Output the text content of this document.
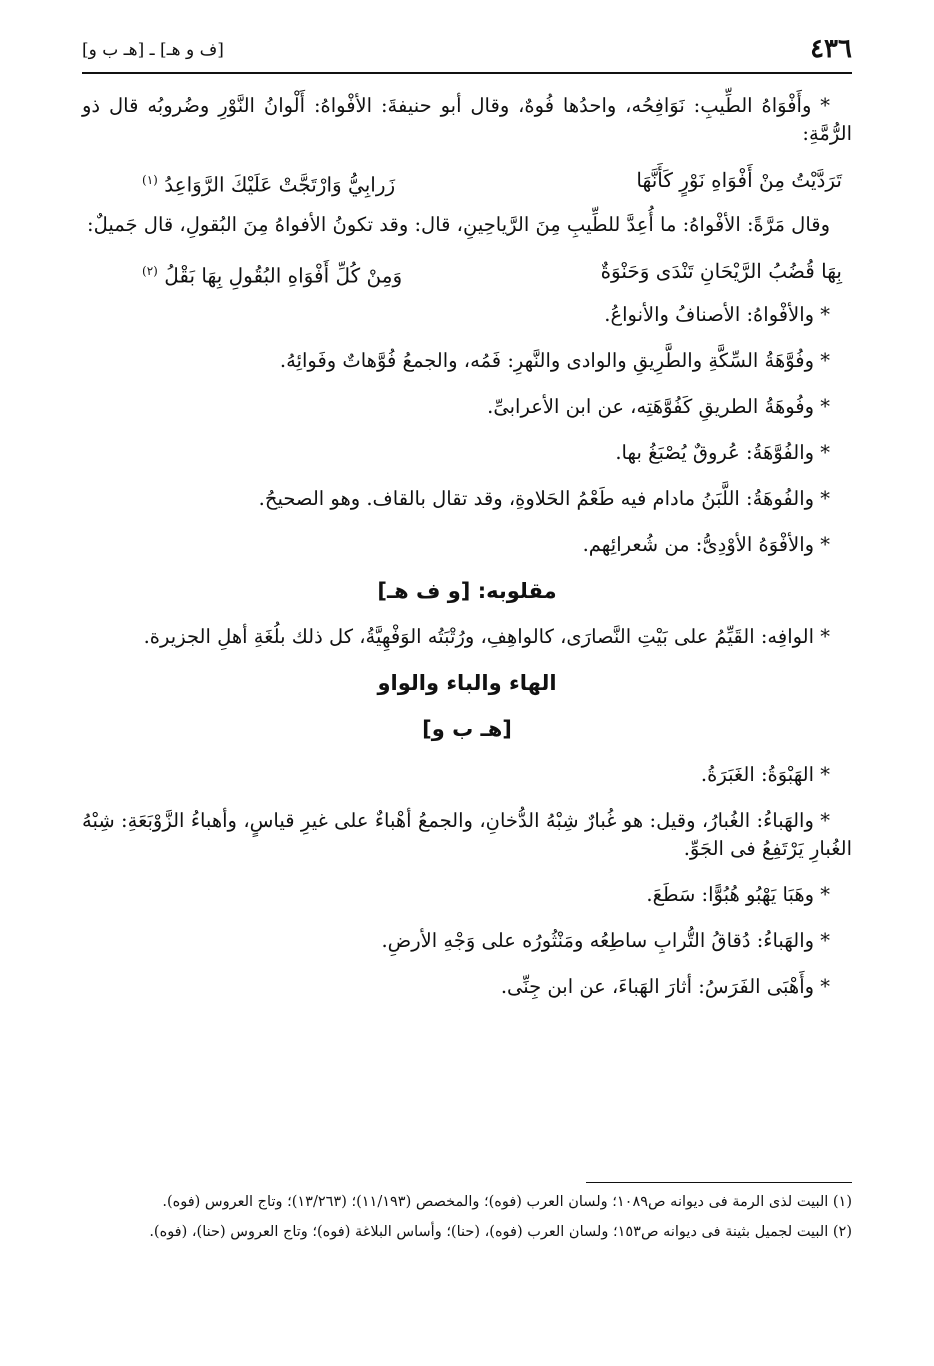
٤٣٦
[ف و هـ] ـ [هـ ب و]

* وأَفْوَاهُ الطِّيبِ: نَوَافِحُه، واحدُها فُوهٌ، وقال أبو حنيفةَ: الأفْواهُ: أَلْوانُ النَّوْرِ وضُروبُه قال ذو الرُّمَّةِ:

تَرَدَّيْتُ مِنْ أَفْوَاهِ نَوْرٍ كَأَنَّهَا
زَرابِيُّ وَارْتَجَّتْ عَلَيْكَ الرَّوَاعِدُ $^{(١)}$

وقال مَرَّةً: الأفْواهُ: ما أُعِدَّ للطِّيبِ مِنَ الرَّياحِينِ، قال: وقد تكونُ الأفواهُ مِنَ البُقولِ، قال جَميلٌ:

بِهَا قُضُبُ الرَّيْحَانِ تَنْدَى وَحَنْوَةٌ
وَمِنْ كُلِّ أَفْوَاهِ البُقُولِ بِهَا بَقْلُ $^{(٢)}$

* والأفْواهُ: الأصنافُ والأنواعُ.

* وفُوَّهَةُ السِّكَّةِ والطَّرِيقِ والوادى والنَّهرِ: فَمُه، والجمعُ فُوَّهاتٌ وفَوائِهُ.

* وفُوهَةُ الطريقِ كَفُوَّهَتِه، عن ابن الأعرابىِّ.

* والفُوَّهَةُ: عُروقٌ يُصْبَغُ بها.

* والفُوهَةُ: اللَّبَنُ مادام فيه طَعْمُ الحَلاوةِ، وقد تقال بالقاف. وهو الصحيحُ.

* والأفْوَهُ الأوْدِىُّ: من شُعرائِهم.

مقلوبه: [و ف هـ]

* الوافِه: القَيِّمُ على بَيْتِ النَّصارَى، كالواهِفِ، ورُتْبَتُه الوَفْهِيَّةُ، كل ذلك بلُغَةِ أهلِ الجزيرة.

الهاء والباء والواو
[هـ ب و]

* الهَبْوَةُ: الغَبَرَةُ.

* والهَباءُ: الغُبارُ، وقيل: هو غُبارٌ شِبْهُ الدُّخانِ، والجمعُ أهْباءٌ على غيرِ قياسٍ، وأهباءُ الزَّوْبَعَةِ: شِبْهُ الغُبارِ يَرْتَفِعُ فى الجَوِّ.

* وهَبَا يَهْبُو هُبُوًّا: سَطَعَ.

* والهَباءُ: دُقاقُ التُّرابِ ساطِعُه ومَنْثُورُه على وَجْهِ الأرضِ.

* وأَهْبَى الفَرَسُ: أثارَ الهَباءَ، عن ابن جِنِّى.

(١) البيت لذى الرمة فى ديوانه ص١٠٨٩؛ ولسان العرب (فوه)؛ والمخصص (١١/١٩٣)؛ (١٣/٢٦٣)؛ وتاج العروس (فوه).

(٢) البيت لجميل بثينة فى ديوانه ص١٥٣؛ ولسان العرب (فوه)، (حنا)؛ وأساس البلاغة (فوه)؛ وتاج العروس (حنا)، (فوه).
